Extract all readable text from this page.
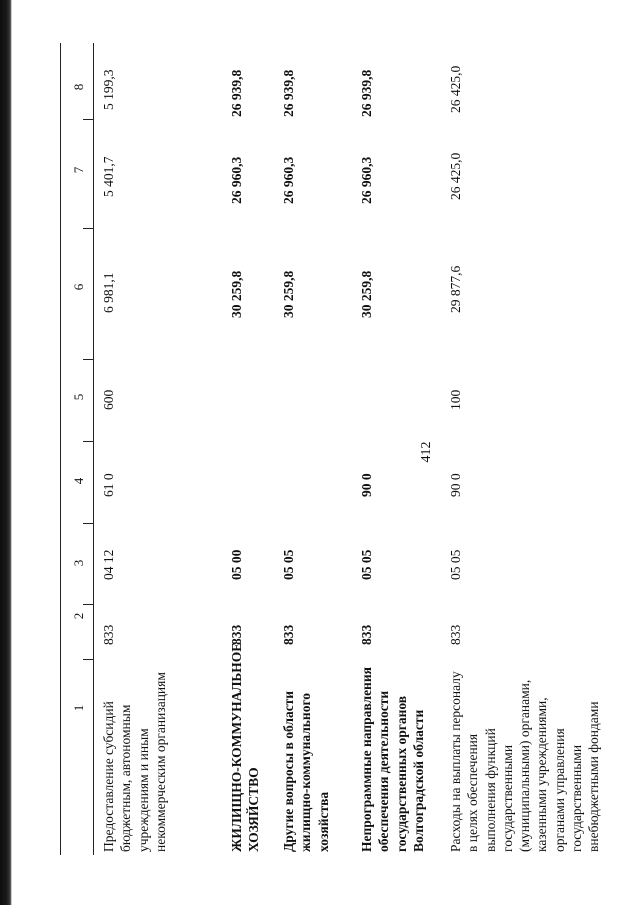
412
1
2
3
4
5
6
7
8
Предоставление субсидий бюджетным, автономным учреждениям и иным некоммерческим организациям
833
04 12
61 0
600
6 981,1
5 401,7
5 199,3
ЖИЛИЩНО-КОММУНАЛЬНОЕ ХОЗЯЙСТВО
833
05 00
30 259,8
26 960,3
26 939,8
Другие вопросы в области жилищно-коммунального хозяйства
833
05 05
30 259,8
26 960,3
26 939,8
Непрограммные направления обеспечения деятельности государственных органов Волгоградской области
833
05 05
90 0
30 259,8
26 960,3
26 939,8
Расходы на выплаты персоналу в целях обеспечения выполнения функций государственными (муниципальными) органами, казенными учреждениями, органами управления государственными внебюджетными фондами
833
05 05
90 0
100
29 877,6
26 425,0
26 425,0
